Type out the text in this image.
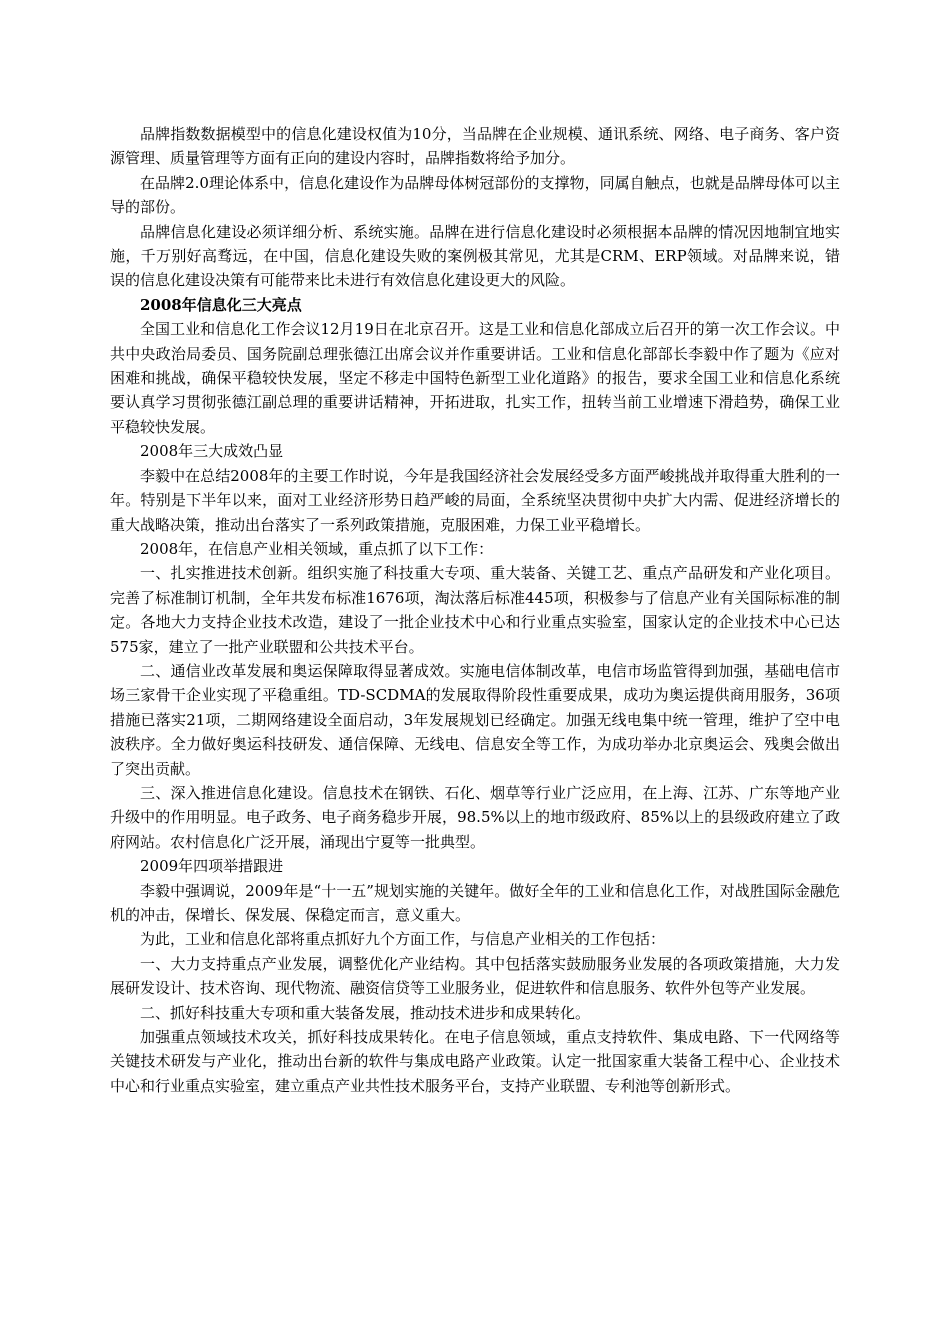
品牌指数数据模型中的信息化建设权值为10分，当品牌在企业规模、通讯系统、网络、电子商务、客户资源管理、质量管理等方面有正向的建设内容时，品牌指数将给予加分。

在品牌2.0理论体系中，信息化建设作为品牌母体树冠部份的支撑物，同属自触点，也就是品牌母体可以主导的部份。

品牌信息化建设必须详细分析、系统实施。品牌在进行信息化建设时必须根据本品牌的情况因地制宜地实施，千万别好高骛远，在中国，信息化建设失败的案例极其常见，尤其是CRM、ERP领域。对品牌来说，错误的信息化建设决策有可能带来比未进行有效信息化建设更大的风险。

2008年信息化三大亮点

全国工业和信息化工作会议12月19日在北京召开。这是工业和信息化部成立后召开的第一次工作会议。中共中央政治局委员、国务院副总理张德江出席会议并作重要讲话。工业和信息化部部长李毅中作了题为《应对困难和挑战，确保平稳较快发展，坚定不移走中国特色新型工业化道路》的报告，要求全国工业和信息化系统要认真学习贯彻张德江副总理的重要讲话精神，开拓进取，扎实工作，扭转当前工业增速下滑趋势，确保工业平稳较快发展。

2008年三大成效凸显

李毅中在总结2008年的主要工作时说，今年是我国经济社会发展经受多方面严峻挑战并取得重大胜利的一年。特别是下半年以来，面对工业经济形势日趋严峻的局面，全系统坚决贯彻中央扩大内需、促进经济增长的重大战略决策，推动出台落实了一系列政策措施，克服困难，力保工业平稳增长。

2008年，在信息产业相关领域，重点抓了以下工作：

一、扎实推进技术创新。组织实施了科技重大专项、重大装备、关键工艺、重点产品研发和产业化项目。完善了标准制订机制，全年共发布标准1676项，淘汰落后标准445项，积极参与了信息产业有关国际标准的制定。各地大力支持企业技术改造，建设了一批企业技术中心和行业重点实验室，国家认定的企业技术中心已达575家，建立了一批产业联盟和公共技术平台。

二、通信业改革发展和奥运保障取得显著成效。实施电信体制改革，电信市场监管得到加强，基础电信市场三家骨干企业实现了平稳重组。TD-SCDMA的发展取得阶段性重要成果，成功为奥运提供商用服务，36项措施已落实21项，二期网络建设全面启动，3年发展规划已经确定。加强无线电集中统一管理，维护了空中电波秩序。全力做好奥运科技研发、通信保障、无线电、信息安全等工作，为成功举办北京奥运会、残奥会做出了突出贡献。

三、深入推进信息化建设。信息技术在钢铁、石化、烟草等行业广泛应用，在上海、江苏、广东等地产业升级中的作用明显。电子政务、电子商务稳步开展，98.5%以上的地市级政府、85%以上的县级政府建立了政府网站。农村信息化广泛开展，涌现出宁夏等一批典型。

2009年四项举措跟进

李毅中强调说，2009年是“十一五”规划实施的关键年。做好全年的工业和信息化工作，对战胜国际金融危机的冲击，保增长、保发展、保稳定而言，意义重大。

为此，工业和信息化部将重点抓好九个方面工作，与信息产业相关的工作包括：

一、大力支持重点产业发展，调整优化产业结构。其中包括落实鼓励服务业发展的各项政策措施，大力发展研发设计、技术咨询、现代物流、融资信贷等工业服务业，促进软件和信息服务、软件外包等产业发展。

二、抓好科技重大专项和重大装备发展，推动技术进步和成果转化。

加强重点领域技术攻关，抓好科技成果转化。在电子信息领域，重点支持软件、集成电路、下一代网络等关键技术研发与产业化，推动出台新的软件与集成电路产业政策。认定一批国家重大装备工程中心、企业技术中心和行业重点实验室，建立重点产业共性技术服务平台，支持产业联盟、专利池等创新形式。
